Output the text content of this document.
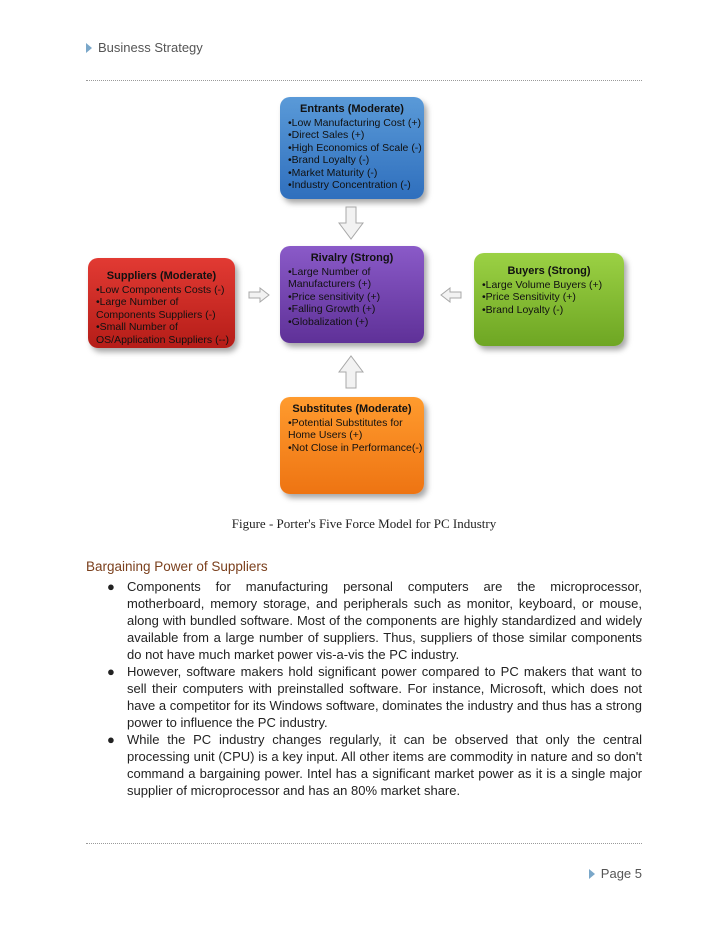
Business Strategy
Entrants (Moderate)
•Low Manufacturing Cost (+)
•Direct Sales (+)
•High Economics of Scale (-)
•Brand Loyalty (-)
•Market Maturity (-)
•Industry Concentration (-)
Rivalry (Strong)
•Large Number of
Manufacturers (+)
•Price sensitivity (+)
•Falling Growth (+)
•Globalization (+)
Suppliers (Moderate)
•Low Components Costs (-)
•Large Number of
Components Suppliers (-)
•Small Number of
OS/Application Suppliers (--)
Buyers (Strong)
•Large Volume Buyers (+)
•Price Sensitivity (+)
•Brand Loyalty (-)
Substitutes (Moderate)
•Potential Substitutes for
Home Users (+)
•Not Close in Performance(-)
Figure - Porter's Five Force Model for PC Industry
Bargaining Power of Suppliers
● Components for manufacturing personal computers are the microprocessor, motherboard, memory storage, and peripherals such as monitor, keyboard, or mouse, along with bundled software. Most of the components are highly standardized and widely available from a large number of suppliers. Thus, suppliers of those similar components do not have much market power vis-a-vis the PC industry.
● However, software makers hold significant power compared to PC makers that want to sell their computers with preinstalled software. For instance, Microsoft, which does not have a competitor for its Windows software, dominates the industry and thus has a strong power to influence the PC industry.
● While the PC industry changes regularly, it can be observed that only the central processing unit (CPU) is a key input. All other items are commodity in nature and so don't command a bargaining power. Intel has a significant market power as it is a single major supplier of microprocessor and has an 80% market share.
Page 5
